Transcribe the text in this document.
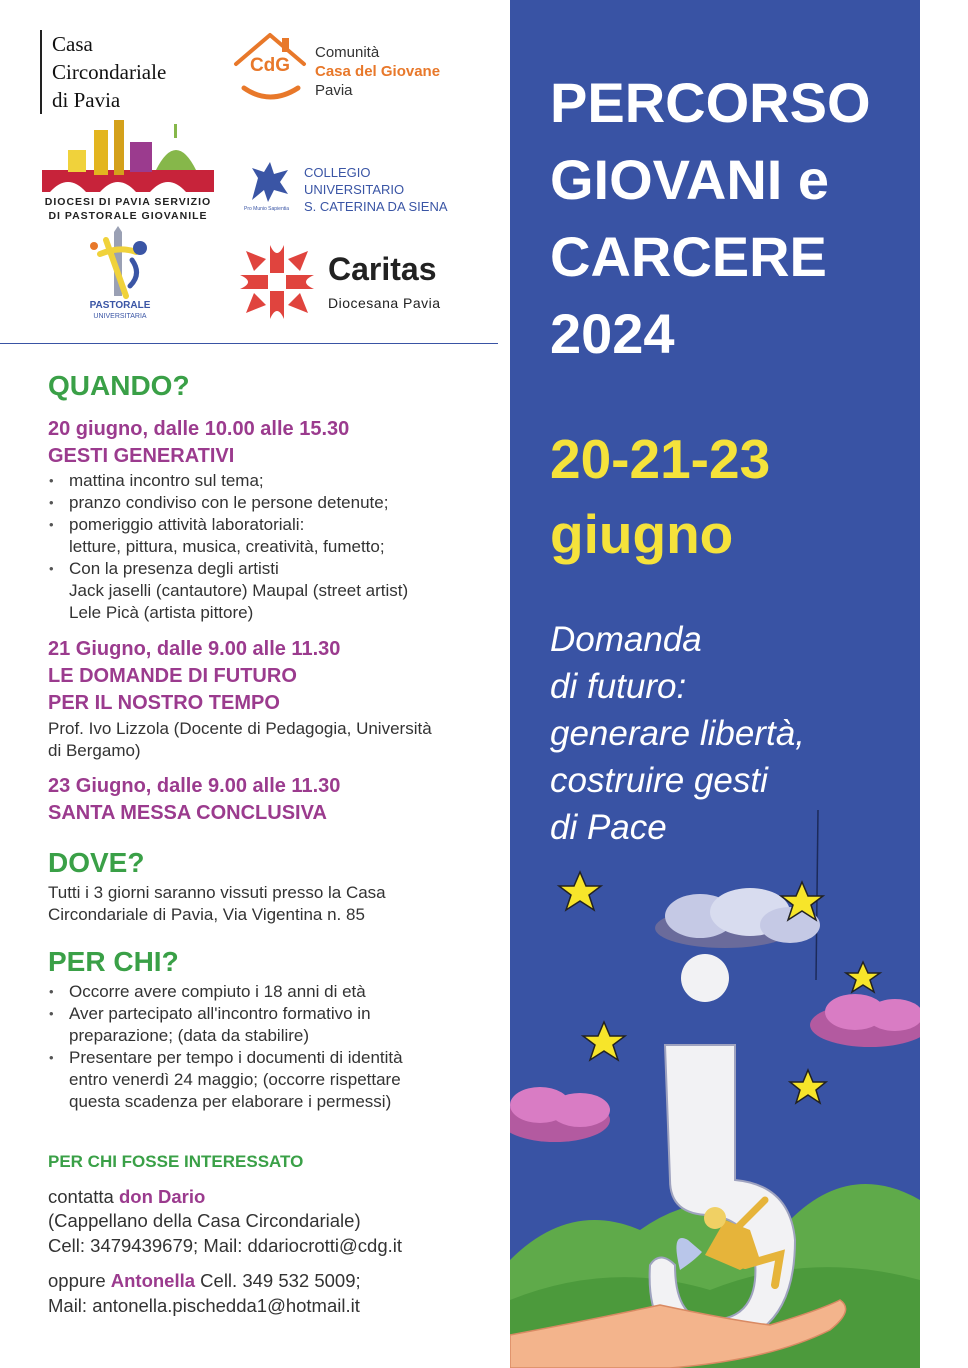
Casa
Circondariale
di Pavia
CdG
Comunità
Casa del Giovane
Pavia
DIOCESI DI PAVIA SERVIZIO
DI PASTORALE GIOVANILE
Pro Munio Sapientia
COLLEGIO
UNIVERSITARIO
S. CATERINA DA SIENA
PASTORALE
UNIVERSITARIA
Caritas
Diocesana Pavia
QUANDO?
20 giugno, dalle 10.00 alle 15.30
GESTI GENERATIVI
• mattina incontro sul tema;
• pranzo condiviso con le persone detenute;
• pomeriggio attività laboratoriali:
letture, pittura, musica, creatività, fumetto;
• Con la presenza degli artisti
Jack jaselli (cantautore) Maupal (street artist)
Lele Picà (artista pittore)
21 Giugno, dalle 9.00 alle 11.30
LE DOMANDE DI FUTURO
PER IL NOSTRO TEMPO
Prof. Ivo Lizzola (Docente di Pedagogia, Università
di Bergamo)
23 Giugno, dalle 9.00 alle 11.30
SANTA MESSA CONCLUSIVA
DOVE?
Tutti i 3 giorni saranno vissuti presso la Casa
Circondariale di Pavia, Via Vigentina n. 85
PER CHI?
• Occorre avere compiuto i 18 anni di età
• Aver partecipato all'incontro formativo in
preparazione; (data da stabilire)
• Presentare per tempo i documenti di identità
entro venerdì 24 maggio; (occorre rispettare
questa scadenza per elaborare i permessi)
PER CHI FOSSE INTERESSATO
contatta don Dario
(Cappellano della Casa Circondariale)
Cell: 3479439679; Mail: ddariocrotti@cdg.it
oppure Antonella Cell. 349 532 5009;
Mail: antonella.pischedda1@hotmail.it
PERCORSO
GIOVANI e
CARCERE
2024
20-21-23
giugno
Domanda
di futuro:
generare libertà,
costruire gesti
di Pace
